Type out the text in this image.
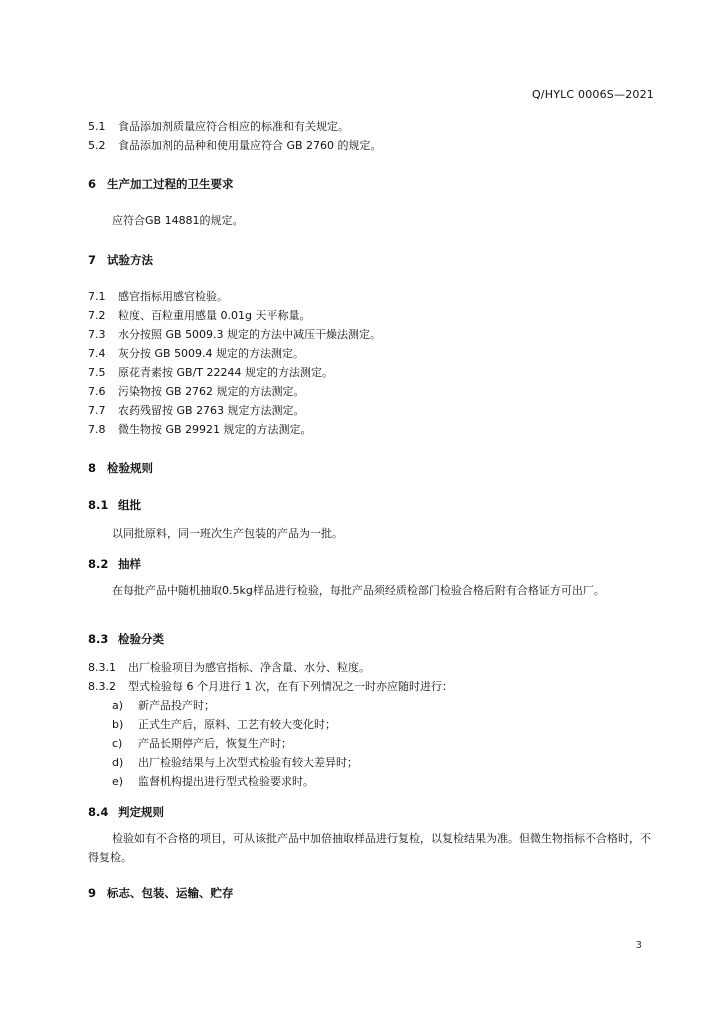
Q/HYLC 0006S—2021
5.1 食品添加剂质量应符合相应的标准和有关规定。
5.2 食品添加剂的品种和使用量应符合 GB 2760 的规定。
6 生产加工过程的卫生要求
应符合GB 14881的规定。
7 试验方法
7.1 感官指标用感官检验。
7.2 粒度、百粒重用感量 0.01g 天平称量。
7.3 水分按照 GB 5009.3 规定的方法中减压干燥法测定。
7.4 灰分按 GB 5009.4 规定的方法测定。
7.5 原花青素按 GB/T 22244 规定的方法测定。
7.6 污染物按 GB 2762 规定的方法测定。
7.7 农药残留按 GB 2763 规定方法测定。
7.8 微生物按 GB 29921 规定的方法测定。
8 检验规则
8.1 组批
以同批原料，同一班次生产包装的产品为一批。
8.2 抽样
在每批产品中随机抽取0.5kg样品进行检验，每批产品须经质检部门检验合格后附有合格证方可出厂。
8.3 检验分类
8.3.1 出厂检验项目为感官指标、净含量、水分、粒度。
8.3.2 型式检验每 6 个月进行 1 次，在有下列情况之一时亦应随时进行：
a) 新产品投产时；
b) 正式生产后，原料、工艺有较大变化时；
c) 产品长期停产后，恢复生产时；
d) 出厂检验结果与上次型式检验有较大差异时；
e) 监督机构提出进行型式检验要求时。
8.4 判定规则
检验如有不合格的项目，可从该批产品中加倍抽取样品进行复检，以复检结果为准。但微生物指标不合格时，不得复检。
9 标志、包装、运输、贮存
3
